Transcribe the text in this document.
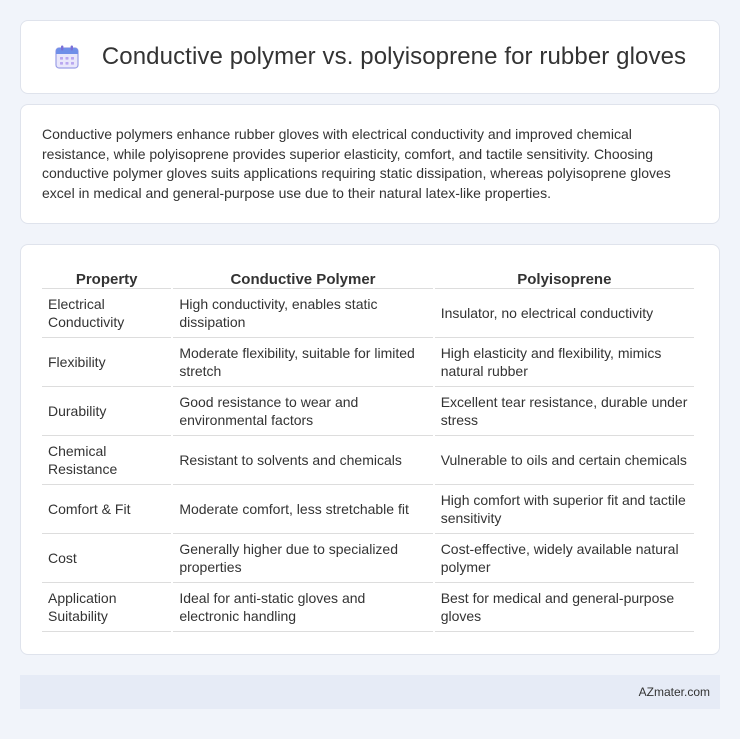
Conductive polymer vs. polyisoprene for rubber gloves

Conductive polymers enhance rubber gloves with electrical conductivity and improved chemical resistance, while polyisoprene provides superior elasticity, comfort, and tactile sensitivity. Choosing conductive polymer gloves suits applications requiring static dissipation, whereas polyisoprene gloves excel in medical and general-purpose use due to their natural latex-like properties.

Property	Conductive Polymer	Polyisoprene
Electrical Conductivity	High conductivity, enables static dissipation	Insulator, no electrical conductivity
Flexibility	Moderate flexibility, suitable for limited stretch	High elasticity and flexibility, mimics natural rubber
Durability	Good resistance to wear and environmental factors	Excellent tear resistance, durable under stress
Chemical Resistance	Resistant to solvents and chemicals	Vulnerable to oils and certain chemicals
Comfort & Fit	Moderate comfort, less stretchable fit	High comfort with superior fit and tactile sensitivity
Cost	Generally higher due to specialized properties	Cost-effective, widely available natural polymer
Application Suitability	Ideal for anti-static gloves and electronic handling	Best for medical and general-purpose gloves
AZmater.com
